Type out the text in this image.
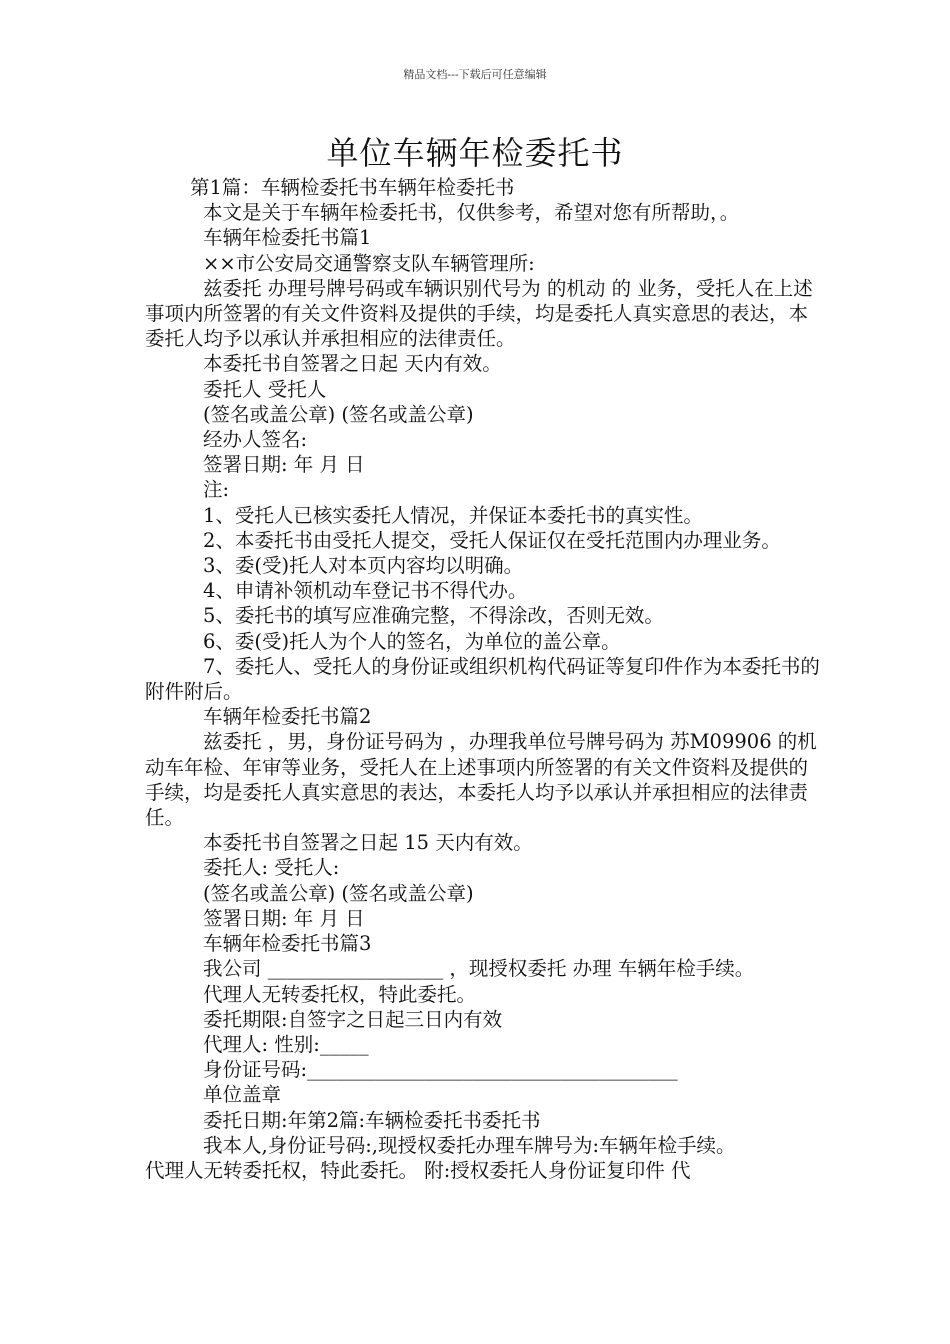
精品文档---下载后可任意编辑
单位车辆年检委托书

第1篇：车辆检委托书车辆年检委托书

本文是关于车辆年检委托书，仅供参考，希望对您有所帮助，。

车辆年检委托书篇1

××市公安局交通警察支队车辆管理所:

兹委托 办理号牌号码或车辆识别代号为 的机动 的 业务，受托人在上述事项内所签署的有关文件资料及提供的手续，均是委托人真实意思的表达，本委托人均予以承认并承担相应的法律责任。

本委托书自签署之日起 天内有效。

委托人 受托人

(签名或盖公章) (签名或盖公章)

经办人签名:

签署日期: 年 月 日

注:

1、受托人已核实委托人情况，并保证本委托书的真实性。

2、本委托书由受托人提交，受托人保证仅在受托范围内办理业务。

3、委(受)托人对本页内容均以明确。

4、申请补领机动车登记书不得代办。

5、委托书的填写应准确完整，不得涂改，否则无效。

6、委(受)托人为个人的签名，为单位的盖公章。

7、委托人、受托人的身份证或组织机构代码证等复印件作为本委托书的附件附后。

车辆年检委托书篇2

兹委托 ，男，身份证号码为 ，办理我单位号牌号码为 苏M09906 的机动车年检、年审等业务，受托人在上述事项内所签署的有关文件资料及提供的手续，均是委托人真实意思的表达，本委托人均予以承认并承担相应的法律责任。

本委托书自签署之日起 15 天内有效。

委托人: 受托人:

(签名或盖公章) (签名或盖公章)

签署日期: 年 月 日

车辆年检委托书篇3

我公司 __________________ ，现授权委托 办理 车辆年检手续。

代理人无转委托权，特此委托。

委托期限:自签字之日起三日内有效

代理人: 性别:_____

身份证号码:______________________________________

单位盖章

委托日期:年第2篇:车辆检委托书委托书

我本人,身份证号码:,现授权委托办理车牌号为:车辆年检手续。

代理人无转委托权，特此委托。 附:授权委托人身份证复印件 代
